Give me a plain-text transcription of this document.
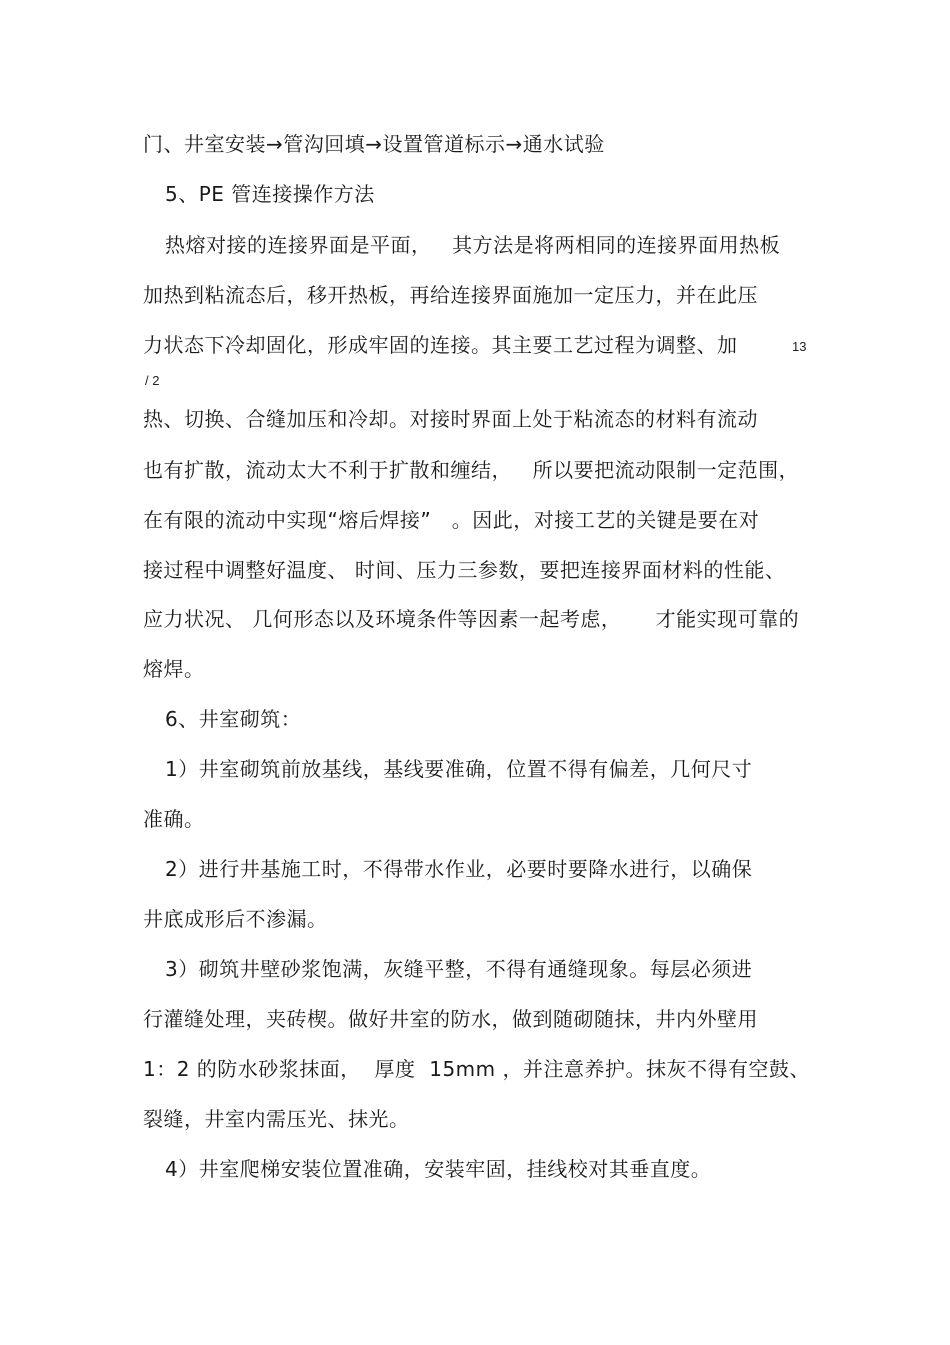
门、井室安装→管沟回填→设置管道标示→通水试验
5、PE 管连接操作方法
热熔对接的连接界面是平面，   其方法是将两相同的连接界面用热板
加热到粘流态后，移开热板，再给连接界面施加一定压力，并在此压
力状态下冷却固化，形成牢固的连接。其主要工艺过程为调整、加	13
/ 2
热、切换、合缝加压和冷却。对接时界面上处于粘流态的材料有流动
也有扩散，流动太大不利于扩散和缠结，   所以要把流动限制一定范围，
在有限的流动中实现“熔后焊接”   。因此，对接工艺的关键是要在对
接过程中调整好温度、 时间、压力三参数，要把连接界面材料的性能、
应力状况、 几何形态以及环境条件等因素一起考虑，     才能实现可靠的
熔焊。
6、井室砌筑：
1）井室砌筑前放基线，基线要准确，位置不得有偏差，几何尺寸
准确。
2）进行井基施工时，不得带水作业，必要时要降水进行，以确保
井底成形后不渗漏。
3）砌筑井壁砂浆饱满，灰缝平整，不得有通缝现象。每层必须进
行灌缝处理，夹砖楔。做好井室的防水，做到随砌随抹，井内外壁用
1：2 的防水砂浆抹面，  厚度  15mm ，并注意养护。抹灰不得有空鼓、
裂缝，井室内需压光、抹光。
4）井室爬梯安装位置准确，安装牢固，挂线校对其垂直度。
